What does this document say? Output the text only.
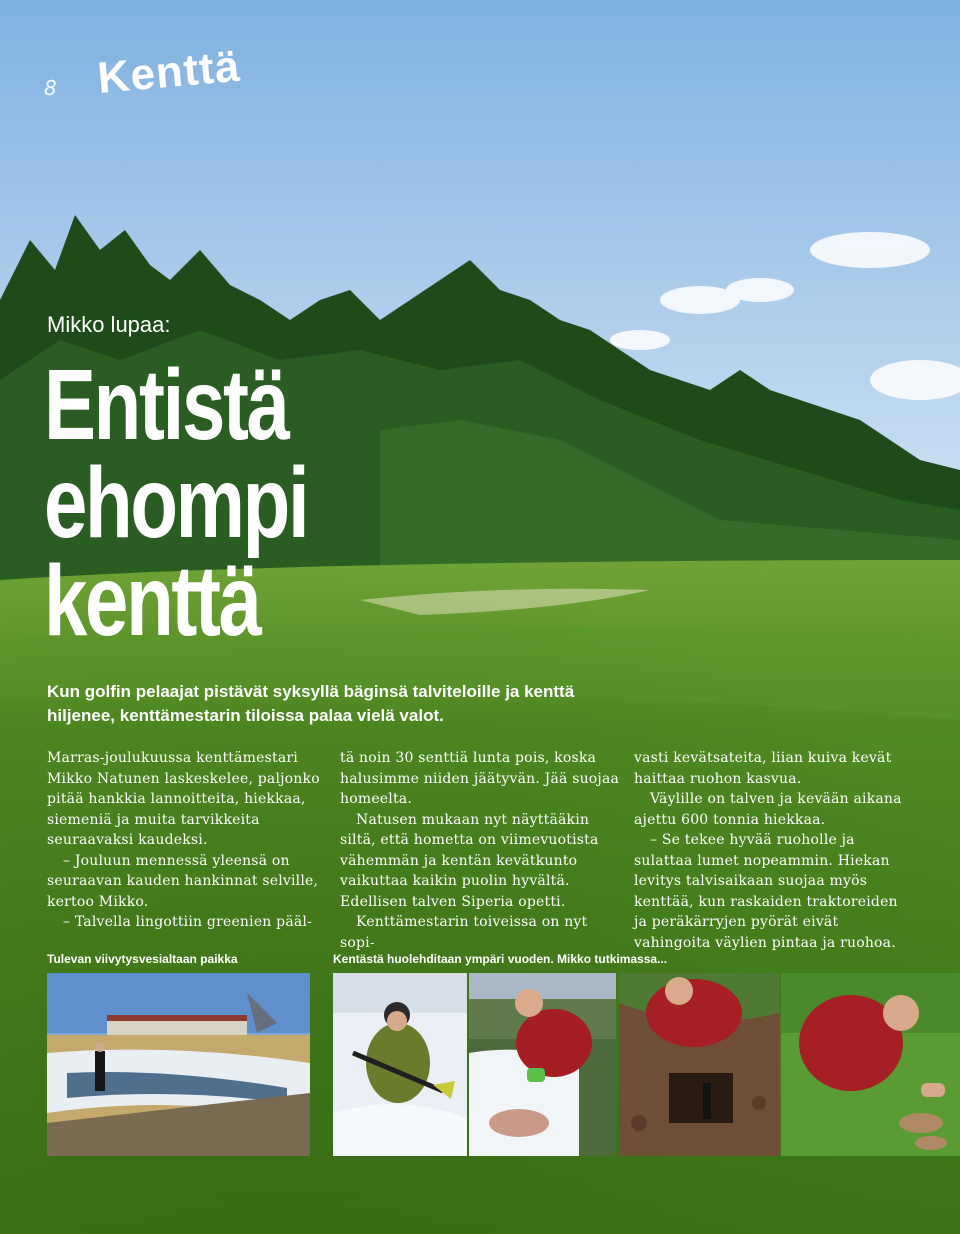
8 Kenttä
Mikko lupaa:
Entistä
ehompi
kenttä

Kun golfin pelaajat pistävät syksyllä bäginsä talviteloille ja kenttä hiljenee, kenttämestarin tiloissa palaa vielä valot.

Marras-joulukuussa kenttämestari Mikko Natunen laskeskelee, paljonko pitää hankkia lannoitteita, hiekkaa, siemeniä ja muita tarvikkeita seuraavaksi kaudeksi.

– Jouluun mennessä yleensä on seuraavan kauden hankinnat selville, kertoo Mikko.

– Talvella lingottiin greenien pääl-

tä noin 30 senttiä lunta pois, koska halusimme niiden jäätyvän. Jää suojaa homeelta.

Natusen mukaan nyt näyttääkin siltä, että hometta on viimevuotista vähemmän ja kentän kevätkunto vaikuttaa kaikin puolin hyvältä. Edellisen talven Siperia opetti.

Kenttämestarin toiveissa on nyt sopi-

vasti kevätsateita, liian kuiva kevät haittaa ruohon kasvua.

Väylille on talven ja kevään aikana ajettu 600 tonnia hiekkaa.

– Se tekee hyvää ruoholle ja sulattaa lumet nopeammin. Hiekan levitys talvisaikaan suojaa myös kenttää, kun raskaiden traktoreiden ja peräkärryjen pyörät eivät vahingoita väylien pintaa ja ruohoa.

Tulevan viivytysvesialtaan paikka	Kentästä huolehditaan ympäri vuoden. Mikko tutkimassa...
